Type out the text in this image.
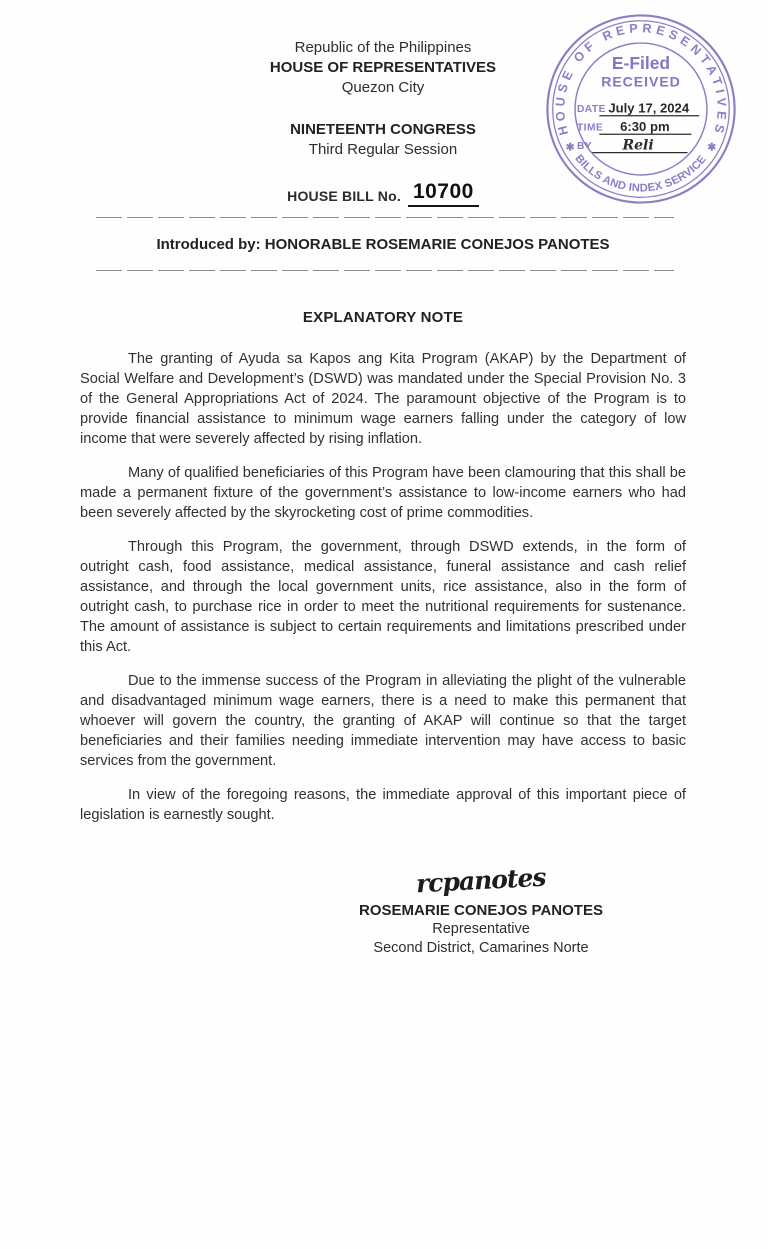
HOUSE OF REPRESENTATIVES
BILLS AND INDEX SERVICE
✱	✱
E-Filed
RECEIVED
DATE July 17, 2024
TIME 6:30 pm
BY Reli
Republic of the Philippines
HOUSE OF REPRESENTATIVES
Quezon City
NINETEENTH CONGRESS
Third Regular Session
HOUSE BILL No. 10700
Introduced by: HONORABLE ROSEMARIE CONEJOS PANOTES
EXPLANATORY NOTE

The granting of Ayuda sa Kapos ang Kita Program (AKAP) by the Department of Social Welfare and Development’s (DSWD) was mandated under the Special Provision No. 3 of the General Appropriations Act of 2024. The paramount objective of the Program is to provide financial assistance to minimum wage earners falling under the category of low income that were severely affected by rising inflation.

Many of qualified beneficiaries of this Program have been clamouring that this shall be made a permanent fixture of the government’s assistance to low-income earners who had been severely affected by the skyrocketing cost of prime commodities.

Through this Program, the government, through DSWD extends, in the form of outright cash, food assistance, medical assistance, funeral assistance and cash relief assistance, and through the local government units, rice assistance, also in the form of outright cash, to purchase rice in order to meet the nutritional requirements for sustenance. The amount of assistance is subject to certain requirements and limitations prescribed under this Act.

Due to the immense success of the Program in alleviating the plight of the vulnerable and disadvantaged minimum wage earners, there is a need to make this permanent that whoever will govern the country, the granting of AKAP will continue so that the target beneficiaries and their families needing immediate intervention may have access to basic services from the government.

In view of the foregoing reasons, the immediate approval of this important piece of legislation is earnestly sought.

rcpanotes
ROSEMARIE CONEJOS PANOTES
Representative
Second District, Camarines Norte
